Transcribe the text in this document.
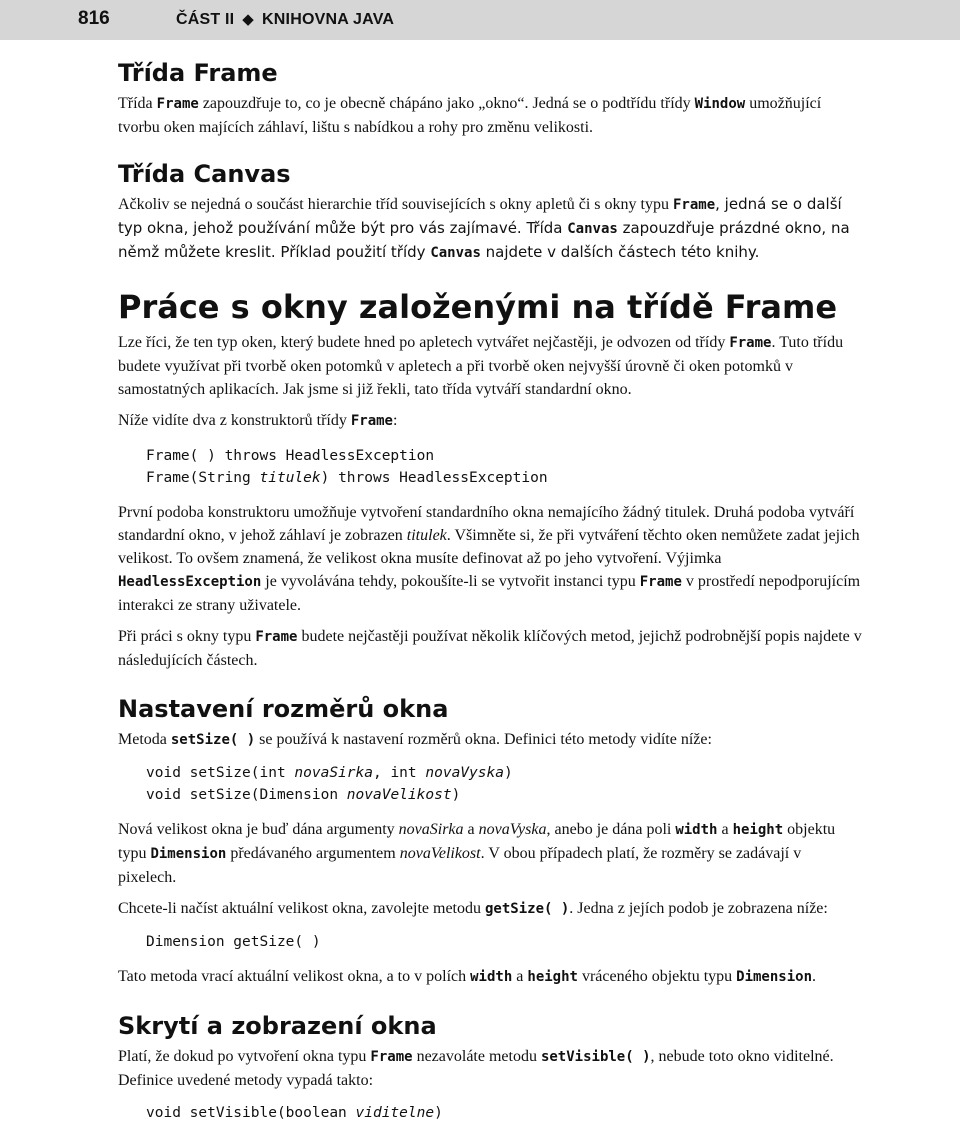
816	ČÁST II ◆ KNIHOVNA JAVA
Třída Frame

Třída Frame zapouzdřuje to, co je obecně chápáno jako „okno“. Jedná se o podtřídu třídy Window umožňující tvorbu oken majících záhlaví, lištu s nabídkou a rohy pro změnu velikosti.

Třída Canvas

Ačkoliv se nejedná o součást hierarchie tříd souvisejících s okny apletů či s okny typu Frame, jedná se o další typ okna, jehož používání může být pro vás zajímavé. Třída Canvas zapouzdřuje prázdné okno, na němž můžete kreslit. Příklad použití třídy Canvas najdete v dalších částech této knihy.

Práce s okny založenými na třídě Frame

Lze říci, že ten typ oken, který budete hned po apletech vytvářet nejčastěji, je odvozen od třídy Frame. Tuto třídu budete využívat při tvorbě oken potomků v apletech a při tvorbě oken nejvyšší úrovně či oken potomků v samostatných aplikacích. Jak jsme si již řekli, tato třída vytváří standardní okno.

Níže vidíte dva z konstruktorů třídy Frame:

Frame( ) throws HeadlessException
Frame(String titulek) throws HeadlessException

První podoba konstruktoru umožňuje vytvoření standardního okna nemajícího žádný titulek. Druhá podoba vytváří standardní okno, v jehož záhlaví je zobrazen titulek. Všimněte si, že při vytváření těchto oken nemůžete zadat jejich velikost. To ovšem znamená, že velikost okna musíte definovat až po jeho vytvoření. Výjimka HeadlessException je vyvolávána tehdy, pokoušíte-li se vytvořit instanci typu Frame v prostředí nepodporujícím interakci ze strany uživatele.

Při práci s okny typu Frame budete nejčastěji používat několik klíčových metod, jejichž podrobnější popis najdete v následujících částech.

Nastavení rozměrů okna

Metoda setSize( ) se používá k nastavení rozměrů okna. Definici této metody vidíte níže:

void setSize(int novaSirka, int novaVyska)
void setSize(Dimension novaVelikost)

Nová velikost okna je buď dána argumenty novaSirka a novaVyska, anebo je dána poli width a height objektu typu Dimension předávaného argumentem novaVelikost. V obou případech platí, že rozměry se zadávají v pixelech.

Chcete-li načíst aktuální velikost okna, zavolejte metodu getSize( ). Jedna z jejích podob je zobrazena níže:

Dimension getSize( )

Tato metoda vrací aktuální velikost okna, a to v polích width a height vráceného objektu typu Dimension.

Skrytí a zobrazení okna

Platí, že dokud po vytvoření okna typu Frame nezavoláte metodu setVisible( ), nebude toto okno viditelné. Definice uvedené metody vypadá takto:

void setVisible(boolean viditelne)
